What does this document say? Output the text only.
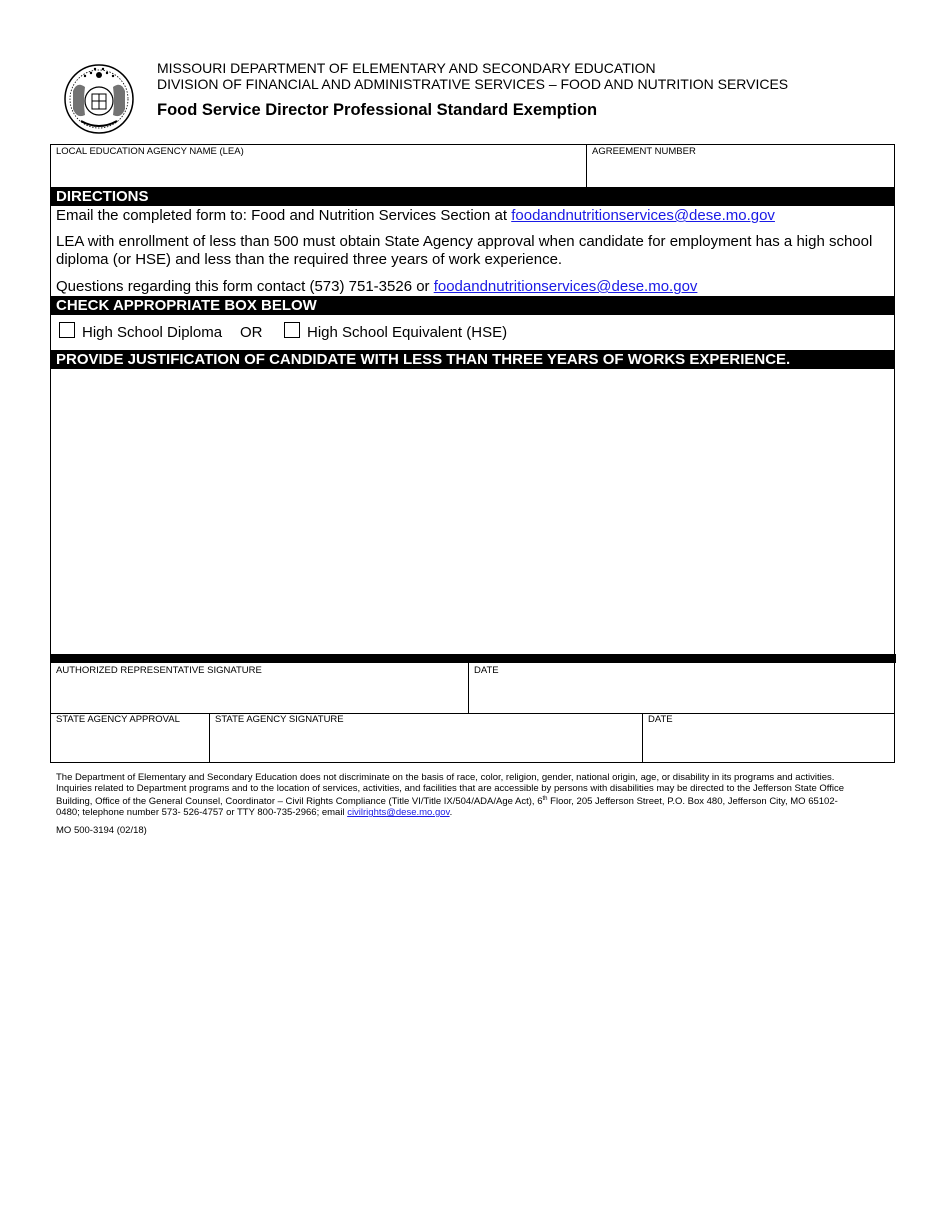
MISSOURI DEPARTMENT OF ELEMENTARY AND SECONDARY EDUCATION
DIVISION OF FINANCIAL AND ADMINISTRATIVE SERVICES – FOOD AND NUTRITION SERVICES
Food Service Director Professional Standard Exemption
LOCAL EDUCATION AGENCY NAME (LEA)	AGREEMENT NUMBER
DIRECTIONS
Email the completed form to: Food and Nutrition Services Section at foodandnutritionservices@dese.mo.gov
LEA with enrollment of less than 500 must obtain State Agency approval when candidate for employment has a high school diploma (or HSE) and less than the required three years of work experience.
Questions regarding this form contact (573) 751-3526 or foodandnutritionservices@dese.mo.gov
CHECK APPROPRIATE BOX BELOW
High School Diploma OR	High School Equivalent (HSE)
PROVIDE JUSTIFICATION OF CANDIDATE WITH LESS THAN THREE YEARS OF WORKS EXPERIENCE.
AUTHORIZED REPRESENTATIVE SIGNATURE	DATE
STATE AGENCY APPROVAL	STATE AGENCY SIGNATURE	DATE
The Department of Elementary and Secondary Education does not discriminate on the basis of race, color, religion, gender, national origin, age, or disability in its programs and activities. Inquiries related to Department programs and to the location of services, activities, and facilities that are accessible by persons with disabilities may be directed to the Jefferson State Office Building, Office of the General Counsel, Coordinator – Civil Rights Compliance (Title VI/Title IX/504/ADA/Age Act), 6th Floor, 205 Jefferson Street, P.O. Box 480, Jefferson City, MO 65102-0480; telephone number 573- 526-4757 or TTY 800-735-2966; email civilrights@dese.mo.gov.
MO 500-3194 (02/18)
